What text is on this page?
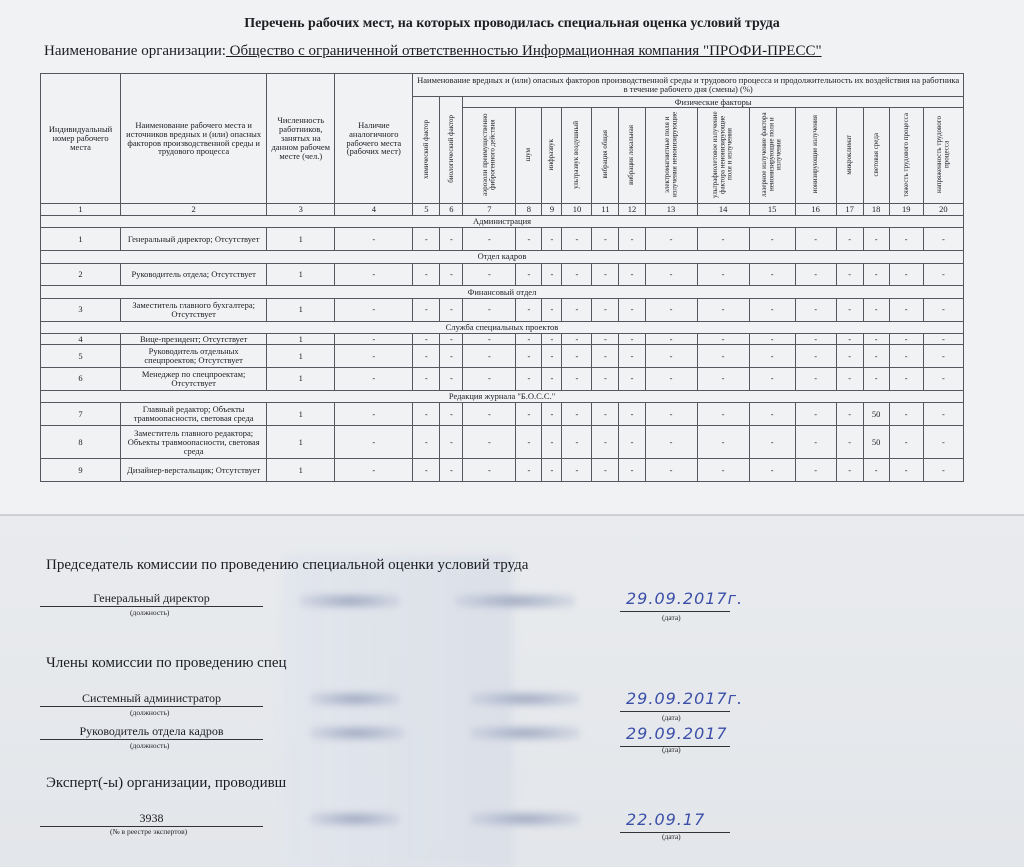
Перечень рабочих мест, на которых проводилась специальная оценка условий труда
Наименование организации: Общество с ограниченной ответственностью Информационная компания "ПРОФИ-ПРЕСС"
Индивидуальный номер рабочего места	Наименование рабочего места и источников вредных и (или) опасных факторов производственной среды и трудового процесса	Численность работников, занятых на данном рабочем месте (чел.)	Наличие аналогичного рабочего места (рабочих мест)	Наименование вредных и (или) опасных факторов производственной среды и трудового процесса и продолжительность их воздействия на работника в течение рабочего дня (смены) (%)															
				химический фактор	биологический фактор	Физические факторы													
						аэрозоли преимущественно фиброгенного действия	шум	инфразвук	ультразвук воздушный	вибрация общая	вибрация локальная	электромагнитные поля и излучения неионизирующие	ультрафиолетовое излучение фактора неионизирующие поля и излучения	лазерное излучение фактора неионизирующие поля и излучения	ионизирующие излучения	микроклимат	световая среда	тяжесть трудового процесса	напряженность трудового процесса
1	2	3	4	5	6	7	8	9	10	11	12	13	14	15	16	17	18	19	20
Администрация																			
1	Генеральный директор; Отсутствует	1	-	-	-	-	-	-	-	-	-	-	-	-	-	-	-	-	-
Отдел кадров																			
2	Руководитель отдела; Отсутствует	1	-	-	-	-	-	-	-	-	-	-	-	-	-	-	-	-	-
Финансовый отдел																			
3	Заместитель главного бухгалтера; Отсутствует	1	-	-	-	-	-	-	-	-	-	-	-	-	-	-	-	-	-
Служба специальных проектов																			
4	Вице-президент; Отсутствует	1	-	-	-	-	-	-	-	-	-	-	-	-	-	-	-	-	-
5	Руководитель отдельных спецпроектов; Отсутствует	1	-	-	-	-	-	-	-	-	-	-	-	-	-	-	-	-	-
6	Менеджер по спецпроектам; Отсутствует	1	-	-	-	-	-	-	-	-	-	-	-	-	-	-	-	-	-
Редакция журнала "Б.О.С.С."																			
7	Главный редактор; Объекты травмоопасности, световая среда	1	-	-	-	-	-	-	-	-	-	-	-	-	-	-	50	-	-
8	Заместитель главного редактора; Объекты травмоопасности, световая среда	1	-	-	-	-	-	-	-	-	-	-	-	-	-	-	50	-	-
9	Дизайнер-верстальщик; Отсутствует	1	-	-	-	-	-	-	-	-	-	-	-	-	-	-	-	-	-
Председатель комиссии по проведению специальной оценки условий труда
Генеральный директор
(должность)
29.09.2017г.
(дата)
Члены комиссии по проведению спец
Системный администратор
(должность)
29.09.2017г.
(дата)
Руководитель отдела кадров
(должность)
29.09.2017
(дата)
Эксперт(-ы) организации, проводивш
3938
(№ в реестре экспертов)
22.09.17
(дата)
